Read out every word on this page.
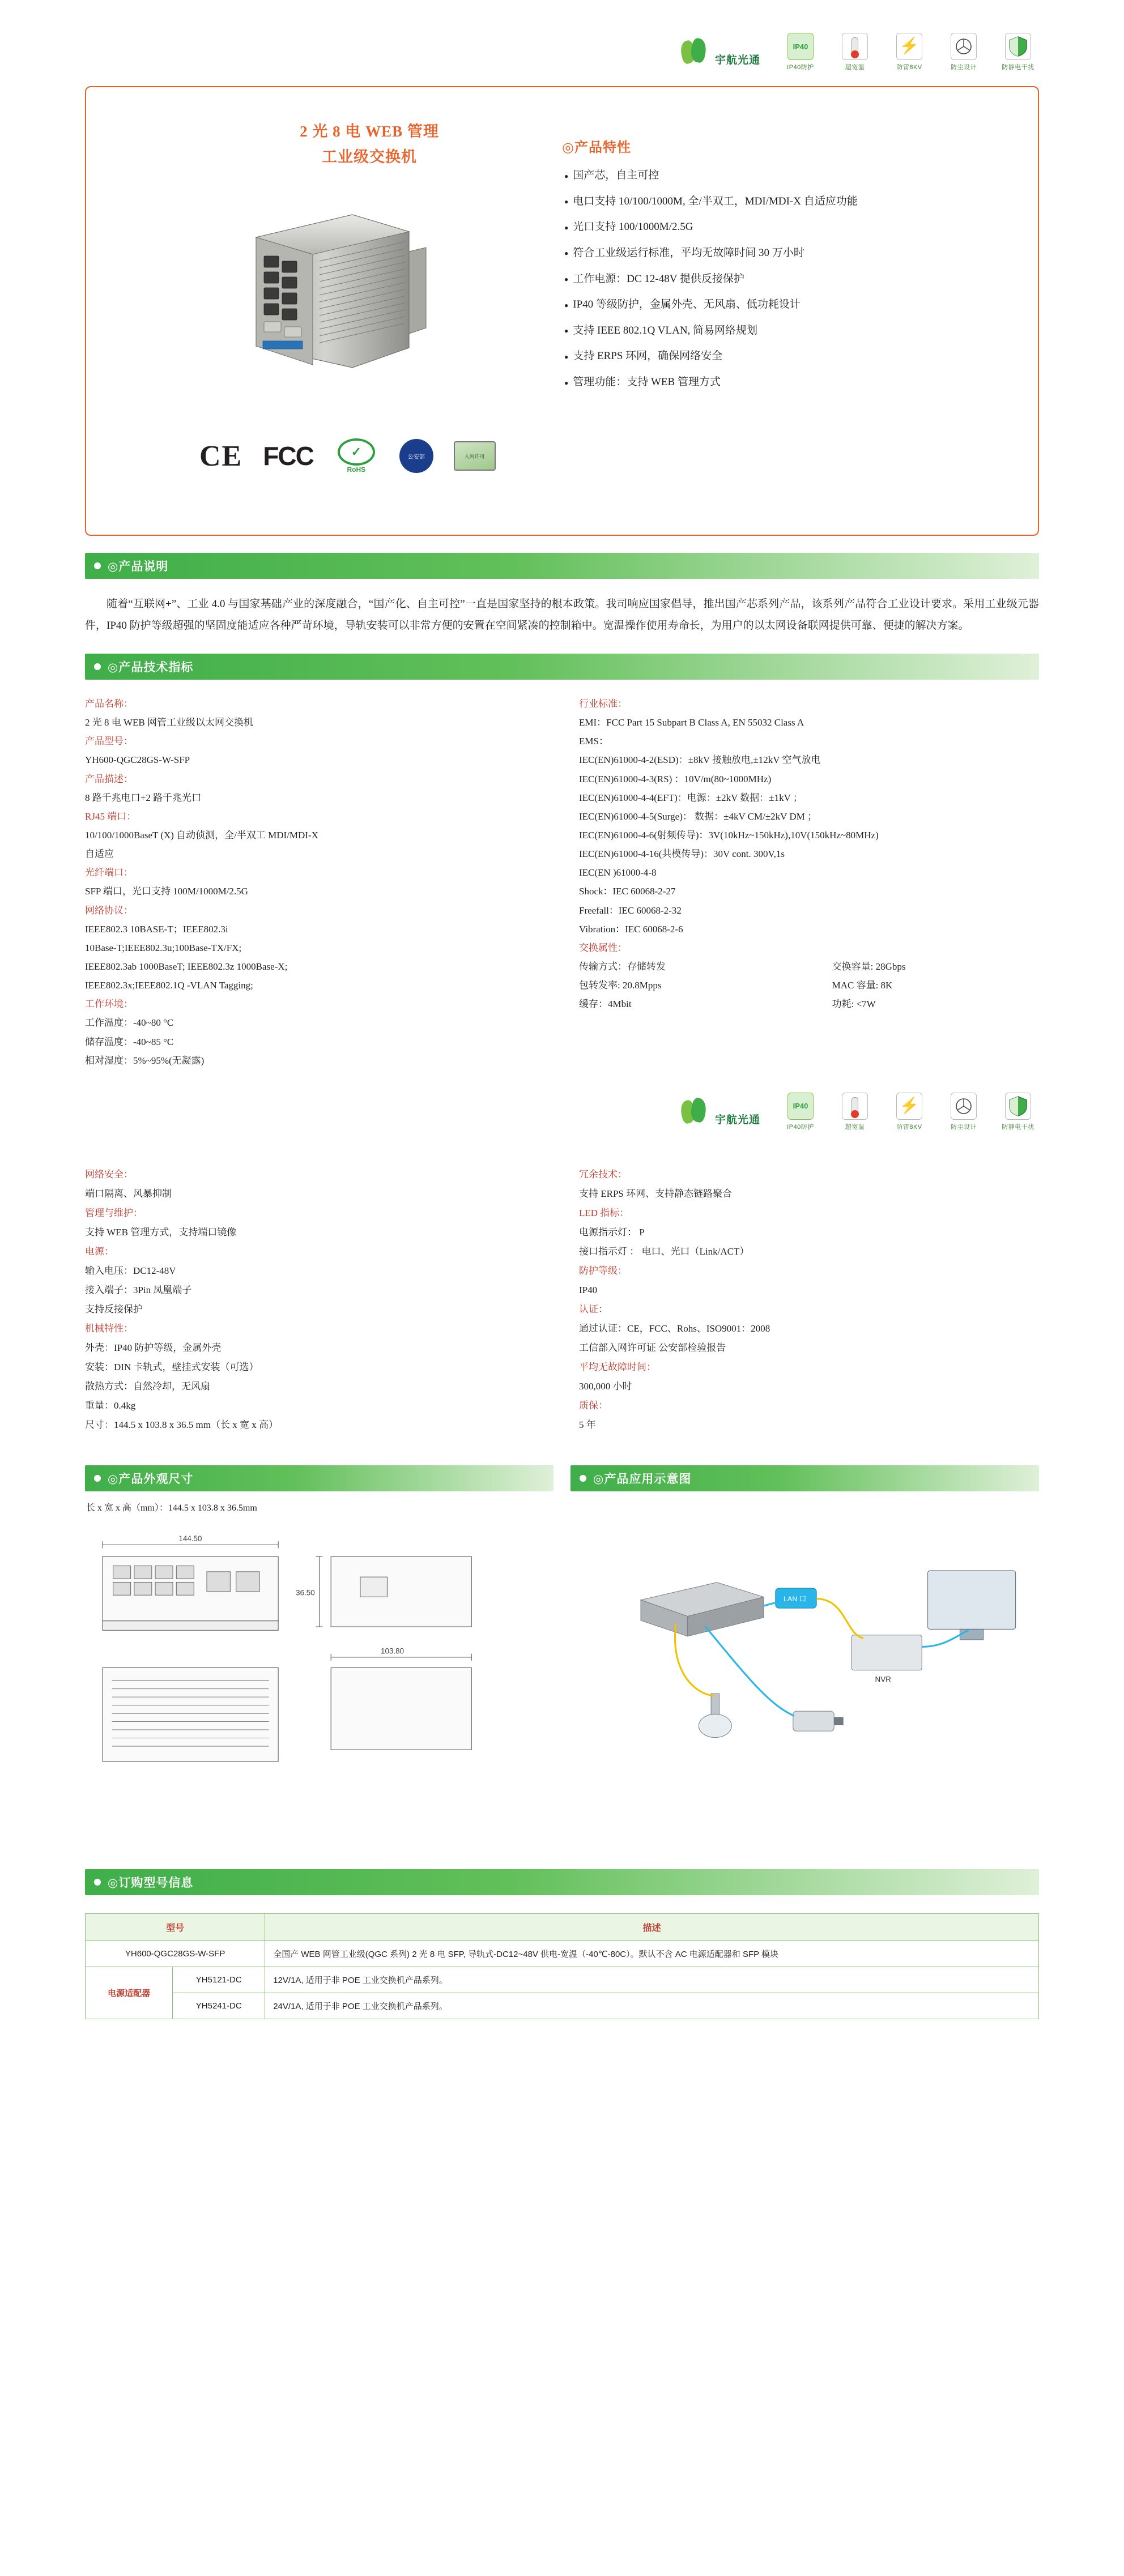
宇航光通
IP40
IP40防护	超宽温
⚡
防雷8KV	防尘设计	防静电干扰
2 光 8 电 WEB 管理
工业级交换机
◎产品特性
● 国产芯，自主可控
● 电口支持 10/100/1000M, 全/半双工，MDI/MDI-X 自适应功能
● 光口支持 100/1000M/2.5G
● 符合工业级运行标准，平均无故障时间 30 万小时
● 工作电源：DC 12-48V 提供反接保护
● IP40 等级防护，金属外壳、无风扇、低功耗设计
● 支持 IEEE 802.1Q VLAN, 简易网络规划
● 支持 ERPS 环网，确保网络安全
● 管理功能：支持 WEB 管理方式
CE FCC	✓
RoHS
公安部	入网许可
◎产品说明
随着“互联网+”、工业 4.0 与国家基础产业的深度融合，“国产化、自主可控”一直是国家坚持的根本政策。我司响应国家倡导，推出国产芯系列产品，该系列产品符合工业设计要求。采用工业级元器件，IP40 防护等级超强的坚固度能适应各种严苛环境，导轨安装可以非常方便的安置在空间紧凑的控制箱中。宽温操作使用寿命长，为用户的以太网设备联网提供可靠、便捷的解决方案。
◎产品技术指标
产品名称：
2 光 8 电 WEB 网管工业级以太网交换机
产品型号：
YH600-QGC28GS-W-SFP
产品描述：
8 路千兆电口+2 路千兆光口
RJ45 端口：
10/100/1000BaseT (X) 自动侦测，全/半双工 MDI/MDI-X
自适应
光纤端口：
SFP 端口，光口支持 100M/1000M/2.5G
网络协议：
IEEE802.3 10BASE-T；IEEE802.3i
10Base-T;IEEE802.3u;100Base-TX/FX;
IEEE802.3ab 1000BaseT; IEEE802.3z 1000Base-X;
IEEE802.3x;IEEE802.1Q -VLAN Tagging;
工作环境：
工作温度：-40~80 °C
储存温度：-40~85 °C
相对湿度：5%~95%(无凝露)
行业标准：
EMI：FCC Part 15 Subpart B Class A, EN 55032 Class A
EMS：
IEC(EN)61000-4-2(ESD)：±8kV 接触放电,±12kV 空气放电
IEC(EN)61000-4-3(RS) ：10V/m(80~1000MHz)
IEC(EN)61000-4-4(EFT)：电源：±2kV 数据：±1kV ；
IEC(EN)61000-4-5(Surge)： 数据：±4kV CM/±2kV DM ；
IEC(EN)61000-4-6(射频传导)：3V(10kHz~150kHz),10V(150kHz~80MHz)
IEC(EN)61000-4-16(共模传导)：30V cont. 300V,1s
IEC(EN )61000-4-8
Shock：IEC 60068-2-27
Freefall：IEC 60068-2-32
Vibration：IEC 60068-2-6
交换属性：
传输方式：存储转发	交换容量: 28Gbps
包转发率: 20.8Mpps	MAC 容量: 8K
缓存：4Mbit	功耗: <7W
宇航光通
IP40
IP40防护	超宽温
⚡
防雷8KV	防尘设计	防静电干扰
网络安全：
端口隔离、风暴抑制
管理与维护：
支持 WEB 管理方式，支持端口镜像
电源：
输入电压：DC12-48V
接入端子：3Pin 凤凰端子
支持反接保护
机械特性：
外壳：IP40 防护等级，金属外壳
安装：DIN 卡轨式，壁挂式安装（可选）
散热方式：自然冷却，无风扇
重量：0.4kg
尺寸：144.5 x 103.8 x 36.5 mm（长 x 宽 x 高）
冗余技术：
支持 ERPS 环网、支持静态链路聚合
LED 指标：
电源指示灯： P
接口指示灯 ： 电口、光口（Link/ACT）
防护等级：
IP40
认证：
通过认证：CE，FCC、Rohs、ISO9001：2008
工信部入网许可证 公安部检验报告
平均无故障时间：
300,000 小时
质保：
5 年
◎产品外观尺寸	◎产品应用示意图
长 x 宽 x 高（mm）：144.5 x 103.8 x 36.5mm
144.50
36.50
103.80
LAN 口
NVR
◎订购型号信息
型号		描述
YH600-QGC28GS-W-SFP		全国产 WEB 网管工业级(QGC 系列) 2 光 8 电 SFP, 导轨式-DC12~48V 供电-宽温（-40℃-80C）。默认不含 AC 电源适配器和 SFP 模块
电源适配器	YH5121-DC	12V/1A, 适用于非 POE 工业交换机产品系列。
	YH5241-DC	24V/1A, 适用于非 POE 工业交换机产品系列。
